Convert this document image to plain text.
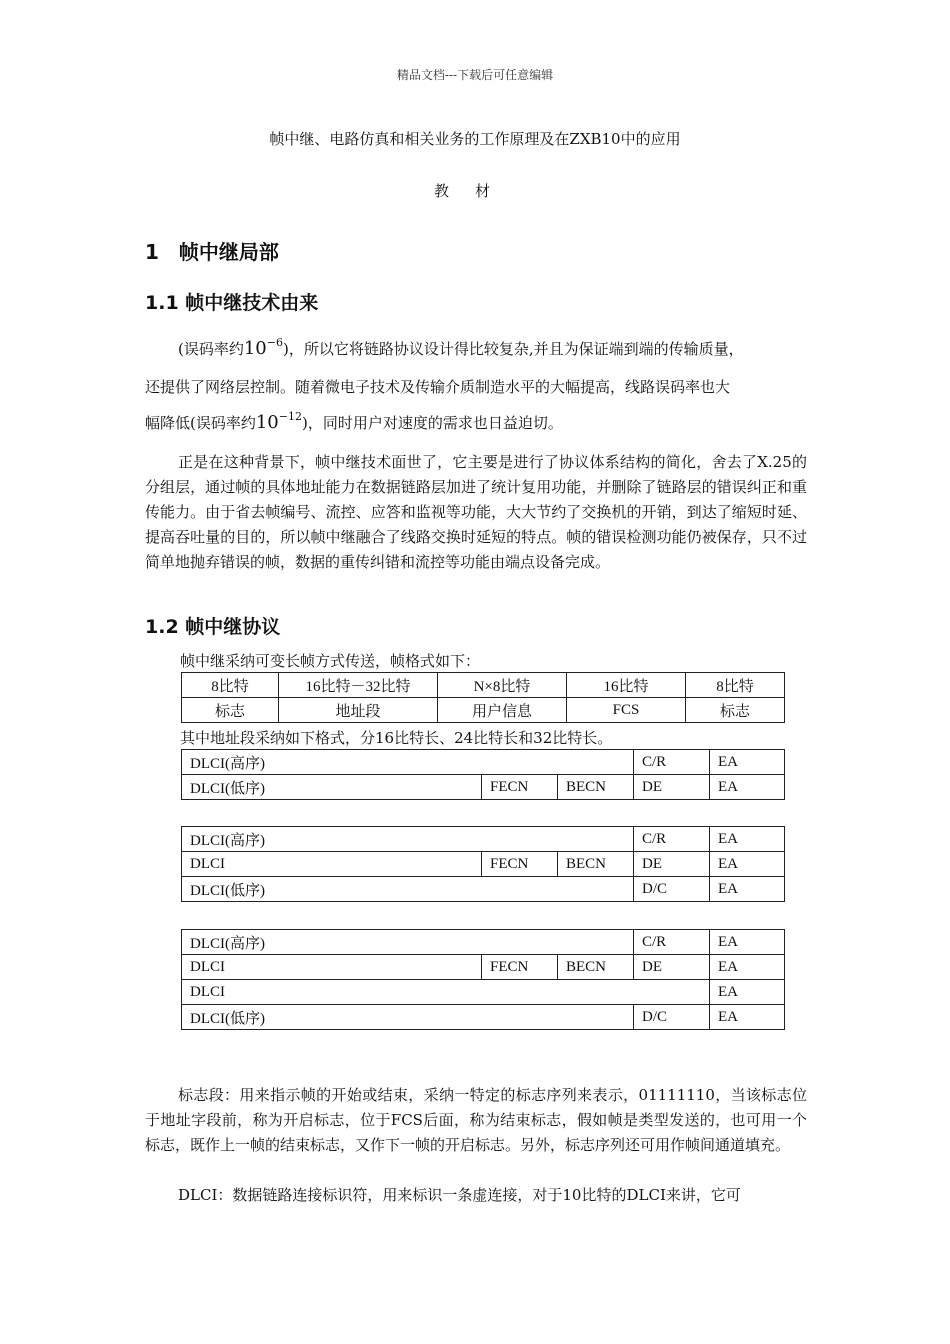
精品文档---下载后可任意编辑
帧中继、电路仿真和相关业务的工作原理及在ZXB10中的应用
教材
1　帧中继局部
1.1 帧中继技术由来
(误码率约$10^{-6}$)，所以它将链路协议设计得比较复杂,并且为保证端到端的传输质量，
还提供了网络层控制。随着微电子技术及传输介质制造水平的大幅提高，线路误码率也大
幅降低(误码率约$10^{-12}$)，同时用户对速度的需求也日益迫切。
正是在这种背景下，帧中继技术面世了，它主要是进行了协议体系结构的简化，舍去了X.25的分组层，通过帧的具体地址能力在数据链路层加进了统计复用功能，并删除了链路层的错误纠正和重传能力。由于省去帧编号、流控、应答和监视等功能，大大节约了交换机的开销，到达了缩短时延、提高吞吐量的目的，所以帧中继融合了线路交换时延短的特点。帧的错误检测功能仍被保存，只不过简单地抛弃错误的帧，数据的重传纠错和流控等功能由端点设备完成。
1.2 帧中继协议
帧中继采纳可变长帧方式传送，帧格式如下：
8比特	16比特－32比特	N×8比特	16比特	8比特
标志	地址段	用户信息	FCS	标志
其中地址段采纳如下格式，分16比特长、24比特长和32比特长。
DLCI(高序)			C/R	EA
DLCI(低序)	FECN	BECN	DE	EA
DLCI(高序)			C/R	EA
DLCI	FECN	BECN	DE	EA
DLCI(低序)			D/C	EA
DLCI(高序)			C/R	EA
DLCI	FECN	BECN	DE	EA
DLCI				EA
DLCI(低序)			D/C	EA
标志段：用来指示帧的开始或结束，采纳一特定的标志序列来表示，01111110，当该标志位于地址字段前，称为开启标志，位于FCS后面，称为结束标志，假如帧是类型发送的，也可用一个标志，既作上一帧的结束标志，又作下一帧的开启标志。另外，标志序列还可用作帧间通道填充。
DLCI：数据链路连接标识符，用来标识一条虚连接，对于10比特的DLCI来讲，它可
